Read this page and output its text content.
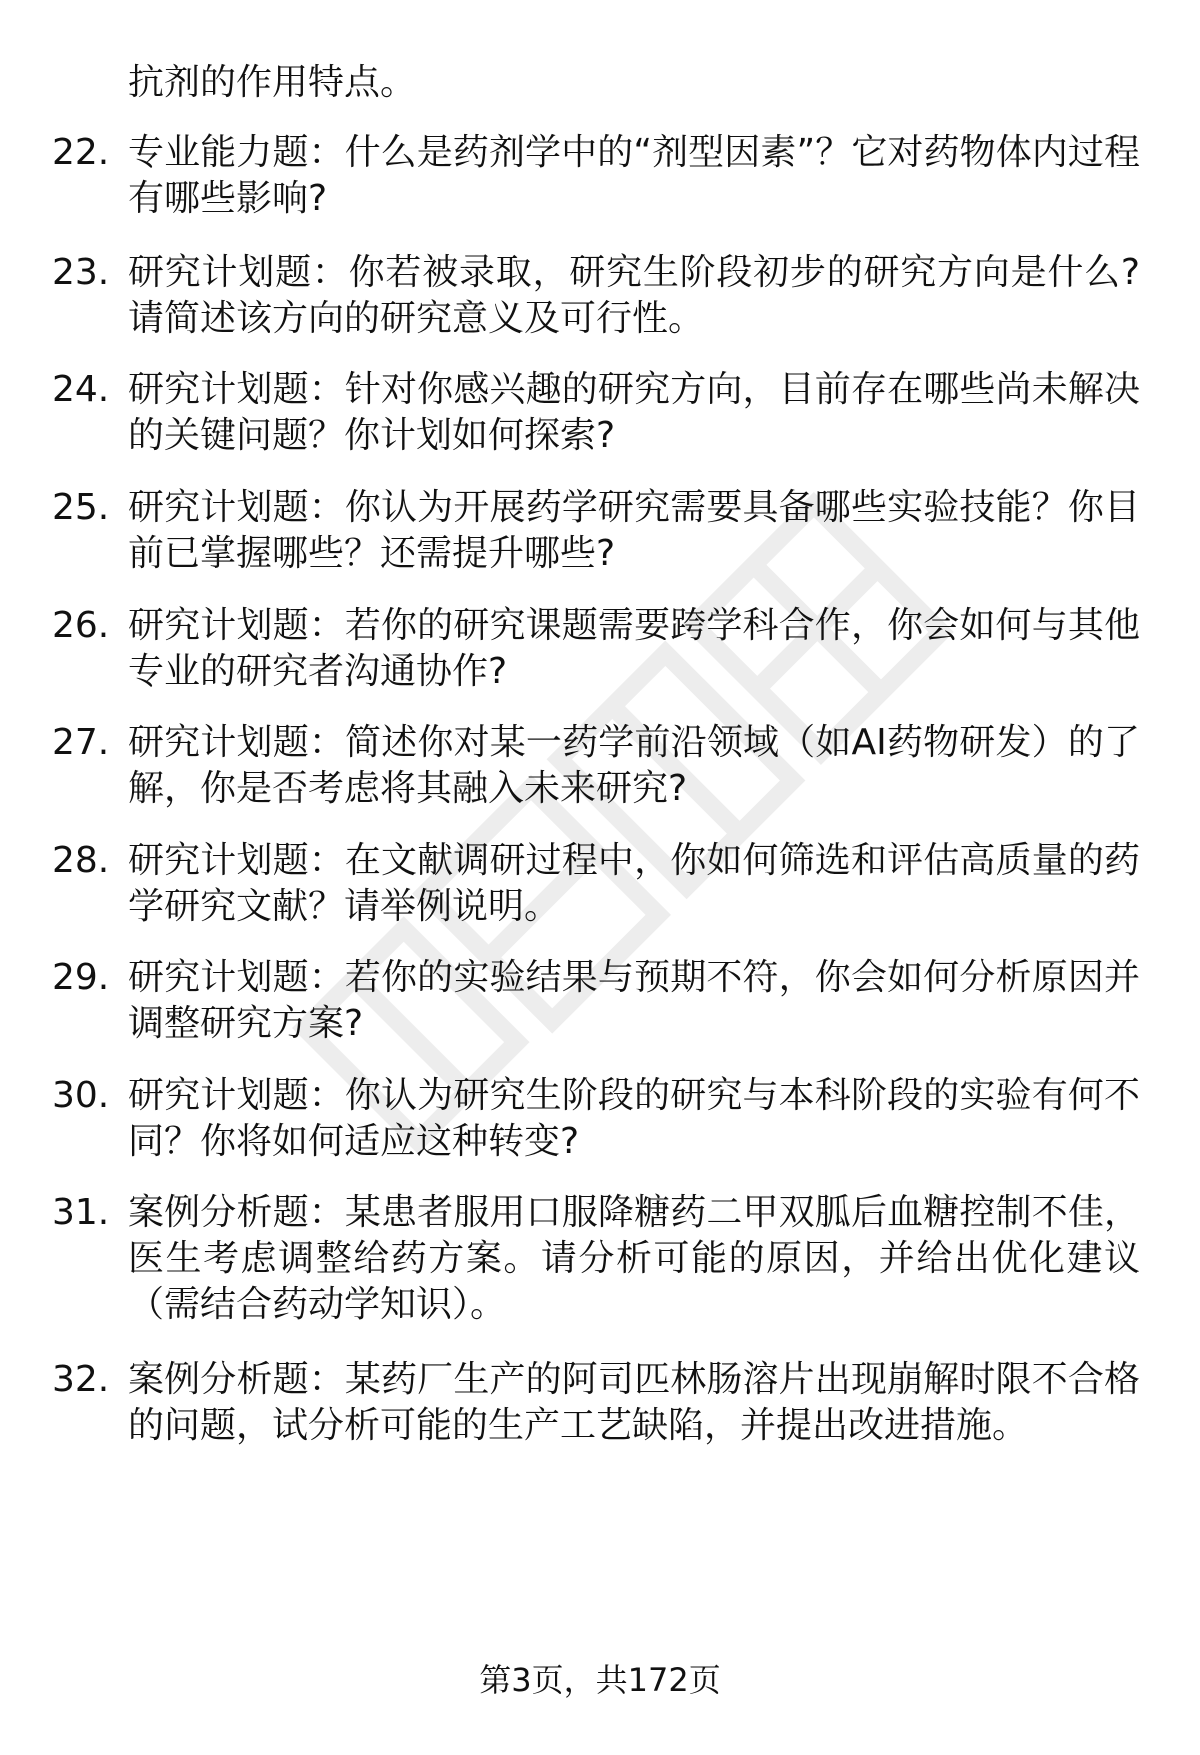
抗剂的作用特点。
22. 专业能力题：什么是药剂学中的“剂型因素”？它对药物体内过程有哪些影响?
23. 研究计划题：你若被录取，研究生阶段初步的研究方向是什么?请简述该方向的研究意义及可行性。
24. 研究计划题：针对你感兴趣的研究方向，目前存在哪些尚未解决的关键问题？你计划如何探索?
25. 研究计划题：你认为开展药学研究需要具备哪些实验技能？你目前已掌握哪些？还需提升哪些?
26. 研究计划题：若你的研究课题需要跨学科合作，你会如何与其他专业的研究者沟通协作?
27. 研究计划题：简述你对某一药学前沿领域（如AI药物研发）的了解，你是否考虑将其融入未来研究?
28. 研究计划题：在文献调研过程中，你如何筛选和评估高质量的药学研究文献？请举例说明。
29. 研究计划题：若你的实验结果与预期不符，你会如何分析原因并调整研究方案?
30. 研究计划题：你认为研究生阶段的研究与本科阶段的实验有何不同？你将如何适应这种转变?
31. 案例分析题：某患者服用口服降糖药二甲双胍后血糖控制不佳，医生考虑调整给药方案。请分析可能的原因，并给出优化建议（需结合药动学知识）。
32. 案例分析题：某药厂生产的阿司匹林肠溶片出现崩解时限不合格的问题，试分析可能的生产工艺缺陷，并提出改进措施。
第3页，共172页
